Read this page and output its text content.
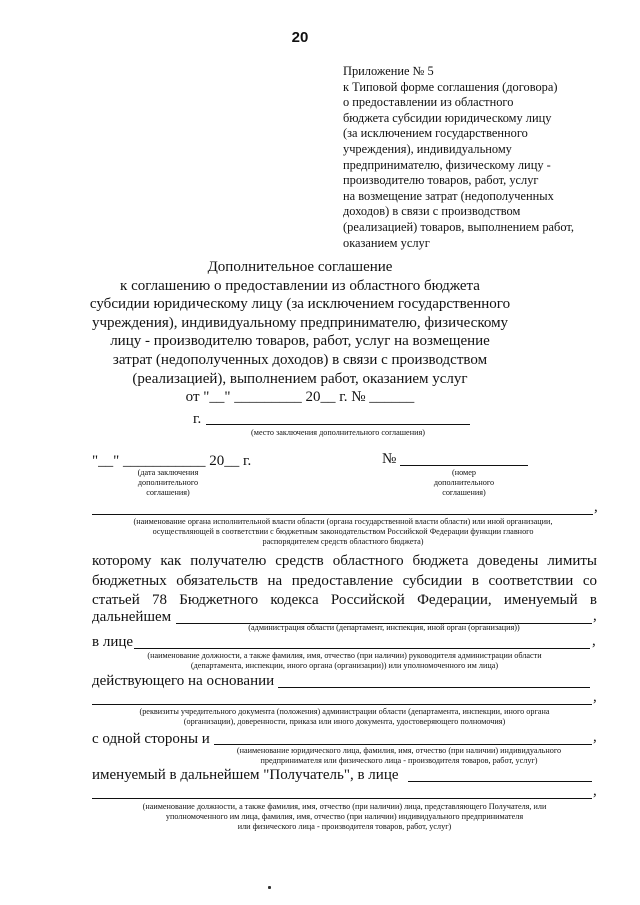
20
Приложение № 5
к Типовой форме соглашения (договора)
о предоставлении из областного
бюджета субсидии юридическому лицу
(за исключением государственного
учреждения), индивидуальному
предпринимателю, физическому лицу -
производителю товаров, работ, услуг
на возмещение затрат (недополученных
доходов) в связи с производством
(реализацией) товаров, выполнением работ,
оказанием услуг
Дополнительное соглашение
к соглашению о предоставлении из областного бюджета
субсидии юридическому лицу (за исключением государственного
учреждения), индивидуальному предпринимателю, физическому
лицу - производителю товаров, работ, услуг на возмещение
затрат (недополученных доходов) в связи с производством
(реализацией), выполнением работ, оказанием услуг
от "__" _________ 20__ г. № ______
г.
(место заключения дополнительного соглашения)
"__" ___________ 20__ г.
(дата заключения
дополнительного
соглашения)
№
(номер
дополнительного
соглашения)
,
(наименование органа исполнительной власти области (органа государственной власти области) или иной организации,
осуществляющей в соответствии с бюджетным законодательством Российской Федерации функции главного
распорядителем средств областного бюджета)
которому как получателю средств областного бюджета доведены лимиты
бюджетных обязательств на предоставление субсидии в соответствии со
статьей 78 Бюджетного кодекса Российской Федерации, именуемый в
дальнейшем	,
(администрация области (департамент, инспекция, иной орган (организация))
в лице	,
(наименование должности, а также фамилия, имя, отчество (при наличии) руководителя администрации области
(департамента, инспекции, иного органа (организации)) или уполномоченного им лица)
действующего на основании
,
(реквизиты учредительного документа (положения) администрации области (департамента, инспекции, иного органа
(организации), доверенности, приказа или иного документа, удостоверяющего полномочия)
с одной стороны и	,
(наименование юридического лица, фамилия, имя, отчество (при наличии) индивидуального
предпринимателя или физического лица - производителя товаров, работ, услуг)
именуемый в дальнейшем "Получатель", в лице
,
(наименование должности, а также фамилия, имя, отчество (при наличии) лица, представляющего Получателя, или
уполномоченного им лица, фамилия, имя, отчество (при наличии) индивидуального предпринимателя
или физического лица - производителя товаров, работ, услуг)
